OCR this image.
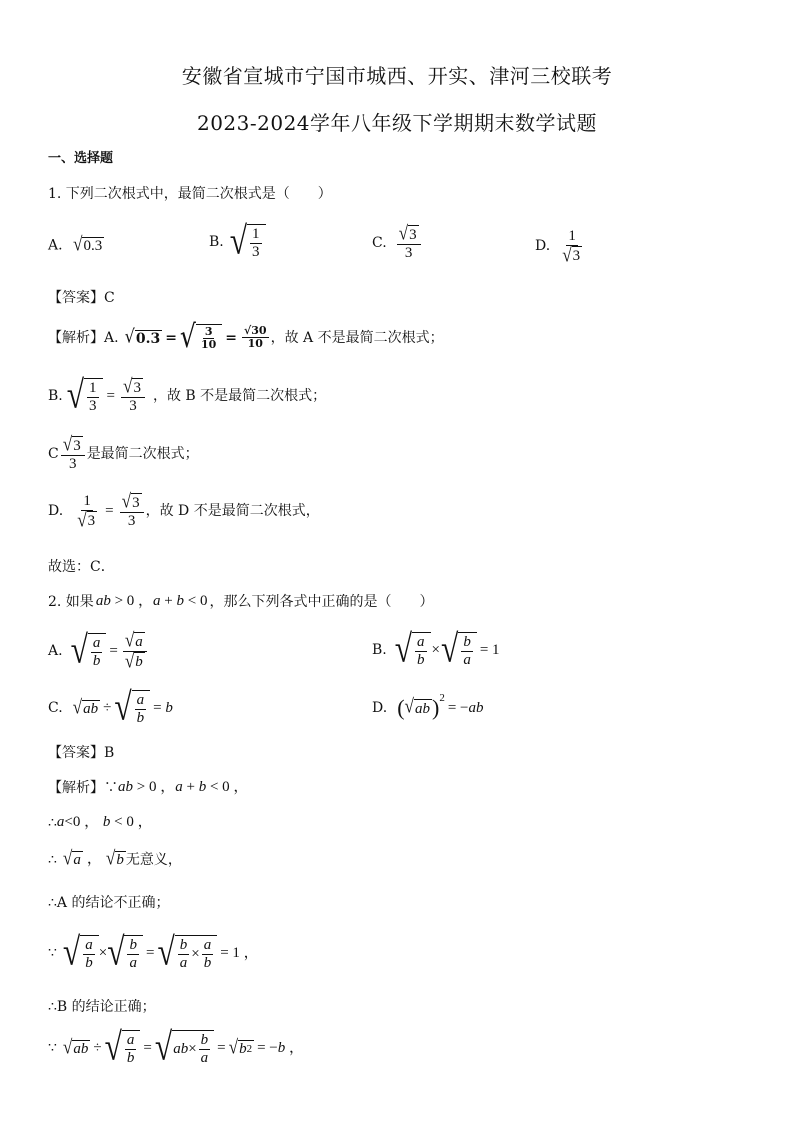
安徽省宣城市宁国市城西、开实、津河三校联考
2023-2024学年八年级下学期期末数学试题
一、选择题
1. 下列二次根式中，最简二次根式是（　　）
A. √ 0.3	B. √ $\frac{1}{3}$	C. $\frac{√ 3}{3}$	D. $\frac{1}{√ 3}$
【答案】C
【解析】A. √ 0.3 = √ $\frac{3}{10} = \frac{√30}{10}$ ，故 A 不是最简二次根式；
B. √ $\frac{1}{3} = \frac{√ 3}{3}$ ，故 B 不是最简二次根式；
C $\frac{√ 3}{3}$ 是最简二次根式；
D. $\frac{1}{√ 3} = \frac{√ 3}{3}$ ，故 D 不是最简二次根式，
故选：C．
2. 如果 ab > 0 ，a + b < 0 ，那么下列各式中正确的是（　　）
A. √ $\frac{a}{b} = \frac{√ a}{√ b}$	B. √ $\frac{a}{b}$ × √ $\frac{b}{a} = 1$
C. √ ab ÷ √ $\frac{a}{b} = b$	D. ( √ ab ) 2
= −ab
【答案】B
【解析】∵ ab > 0 ，a + b < 0 ，
∴ a<0 ， b < 0 ，
∴ √ a ， √ b 无意义，
∴A 的结论不正确；
∵ √ $\frac{a}{b}$ × √ $\frac{b}{a}$ = √ $\frac{b}{a} \times \frac{a}{b} = 1$ ，
∴B 的结论正确；
∵ √ ab ÷ √ $\frac{a}{b}$ = √ ab × $\frac{b}{a}$ = √ b 2 = −b ，
